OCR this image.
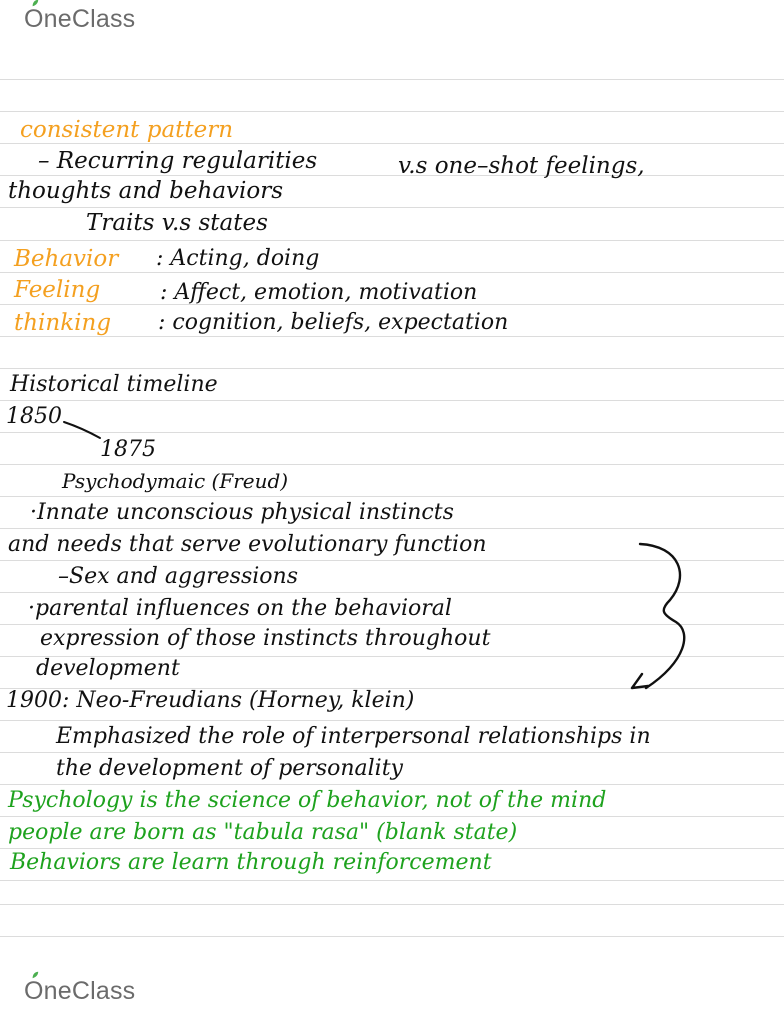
OneClass
consistent pattern
– Recurring regularities	v.s one–shot feelings,
thoughts and behaviors
Traits v.s states
Behavior : Acting, doing
Feeling	: Affect, emotion, motivation
thinking : cognition, beliefs, expectation
Historical timeline
1850
1875
Psychodymaic (Freud)
·Innate unconscious physical instincts
and needs that serve evolutionary function
–Sex and aggressions
·parental influences on the behavioral
expression of those instincts throughout
development
1900: Neo-Freudians (Horney, klein)
Emphasized the role of interpersonal relationships in
the development of personality
Psychology is the science of behavior, not of the mind
people are born as "tabula rasa" (blank state)
Behaviors are learn through reinforcement
OneClass
